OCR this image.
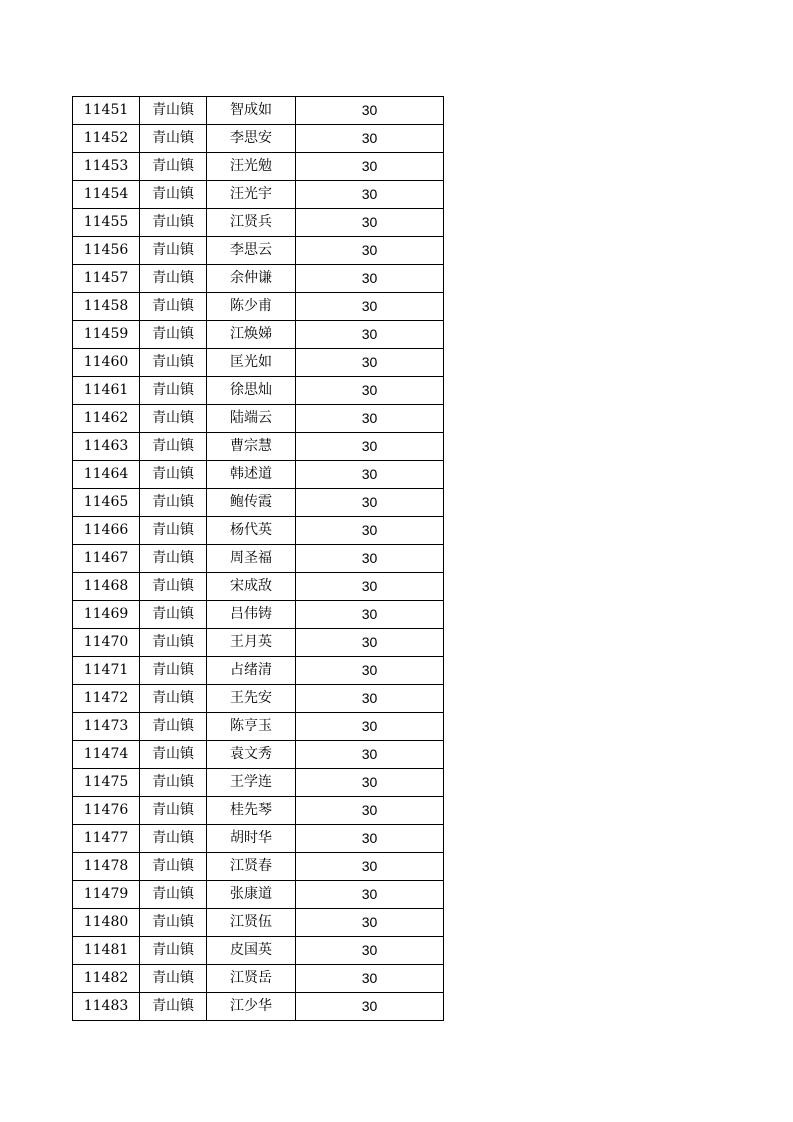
11451	青山镇	智成如	30
11452	青山镇	李思安	30
11453	青山镇	汪光勉	30
11454	青山镇	汪光宇	30
11455	青山镇	江贤兵	30
11456	青山镇	李思云	30
11457	青山镇	余仲谦	30
11458	青山镇	陈少甫	30
11459	青山镇	江焕娣	30
11460	青山镇	匡光如	30
11461	青山镇	徐思灿	30
11462	青山镇	陆端云	30
11463	青山镇	曹宗慧	30
11464	青山镇	韩述道	30
11465	青山镇	鲍传霞	30
11466	青山镇	杨代英	30
11467	青山镇	周圣福	30
11468	青山镇	宋成敌	30
11469	青山镇	吕伟铸	30
11470	青山镇	王月英	30
11471	青山镇	占绪清	30
11472	青山镇	王先安	30
11473	青山镇	陈亨玉	30
11474	青山镇	袁文秀	30
11475	青山镇	王学连	30
11476	青山镇	桂先琴	30
11477	青山镇	胡时华	30
11478	青山镇	江贤春	30
11479	青山镇	张康道	30
11480	青山镇	江贤伍	30
11481	青山镇	皮国英	30
11482	青山镇	江贤岳	30
11483	青山镇	江少华	30
